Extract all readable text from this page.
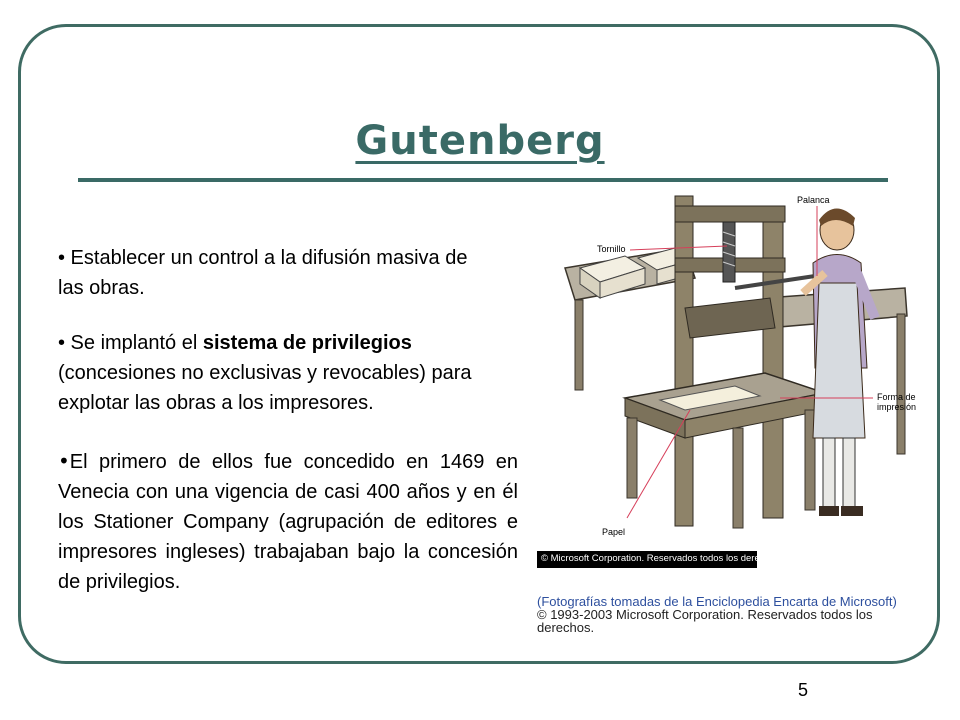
Gutenberg
• Establecer un control a la difusión masiva de las obras.
• Se implantó el sistema de privilegios (concesiones no exclusivas y revocables) para explotar las obras a los impresores.
•El primero de ellos fue concedido en 1469 en Venecia con una vigencia de casi 400 años y en él los Stationer Company (agrupación de editores e impresores ingleses) trabajaban bajo la concesión de privilegios.
Palanca
Tornillo
Forma de impresión
Papel
© Microsoft Corporation. Reservados todos los derechos.
(Fotografías tomadas de la Enciclopedia Encarta de Microsoft) © 1993-2003 Microsoft Corporation. Reservados todos los derechos.
5
